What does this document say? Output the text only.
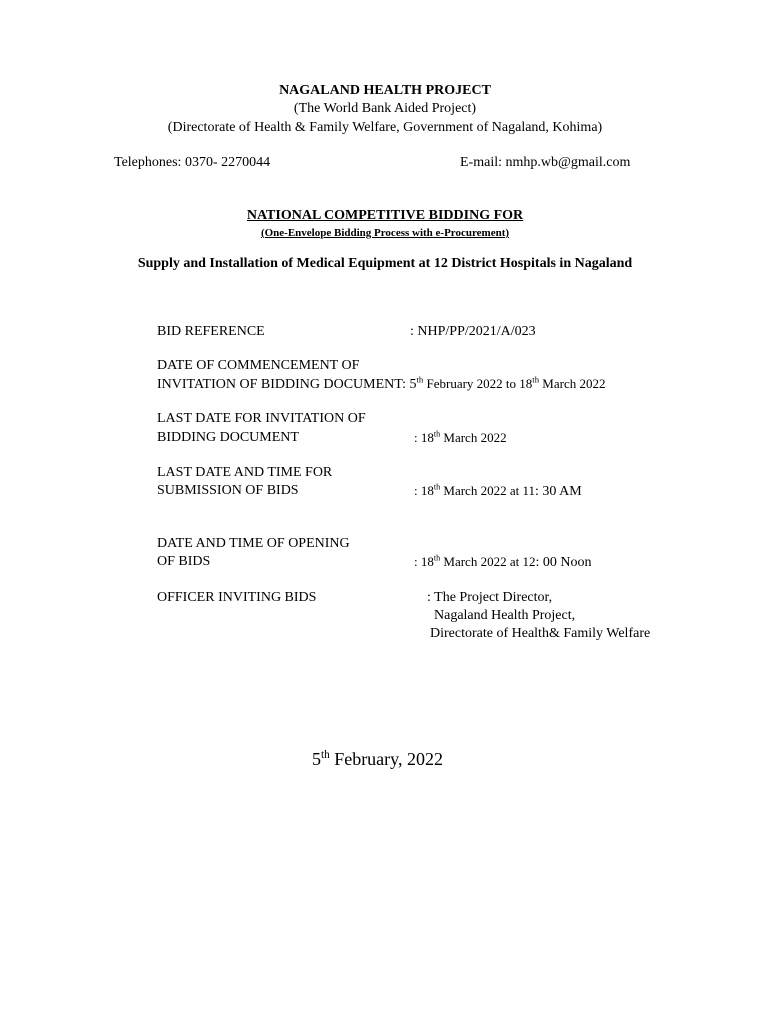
NAGALAND HEALTH PROJECT
(The World Bank Aided Project)
(Directorate of Health & Family Welfare, Government of Nagaland, Kohima)
Telephones: 0370- 2270044	E-mail: nmhp.wb@gmail.com
NATIONAL COMPETITIVE BIDDING FOR
(One-Envelope Bidding Process with e-Procurement)
Supply and Installation of Medical Equipment at 12 District Hospitals in Nagaland
BID REFERENCE	: NHP/PP/2021/A/023
DATE OF COMMENCEMENT OF
INVITATION OF BIDDING DOCUMENT: 5th February 2022 to 18th March 2022
LAST DATE FOR INVITATION OF
BIDDING DOCUMENT	: 18th March 2022
LAST DATE AND TIME FOR
SUBMISSION OF BIDS	: 18th March 2022 at 11: 30 AM
DATE AND TIME OF OPENING
OF BIDS	: 18th March 2022 at 12: 00 Noon
OFFICER INVITING BIDS	: The Project Director,
Nagaland Health Project,
Directorate of Health& Family Welfare
5th February, 2022
